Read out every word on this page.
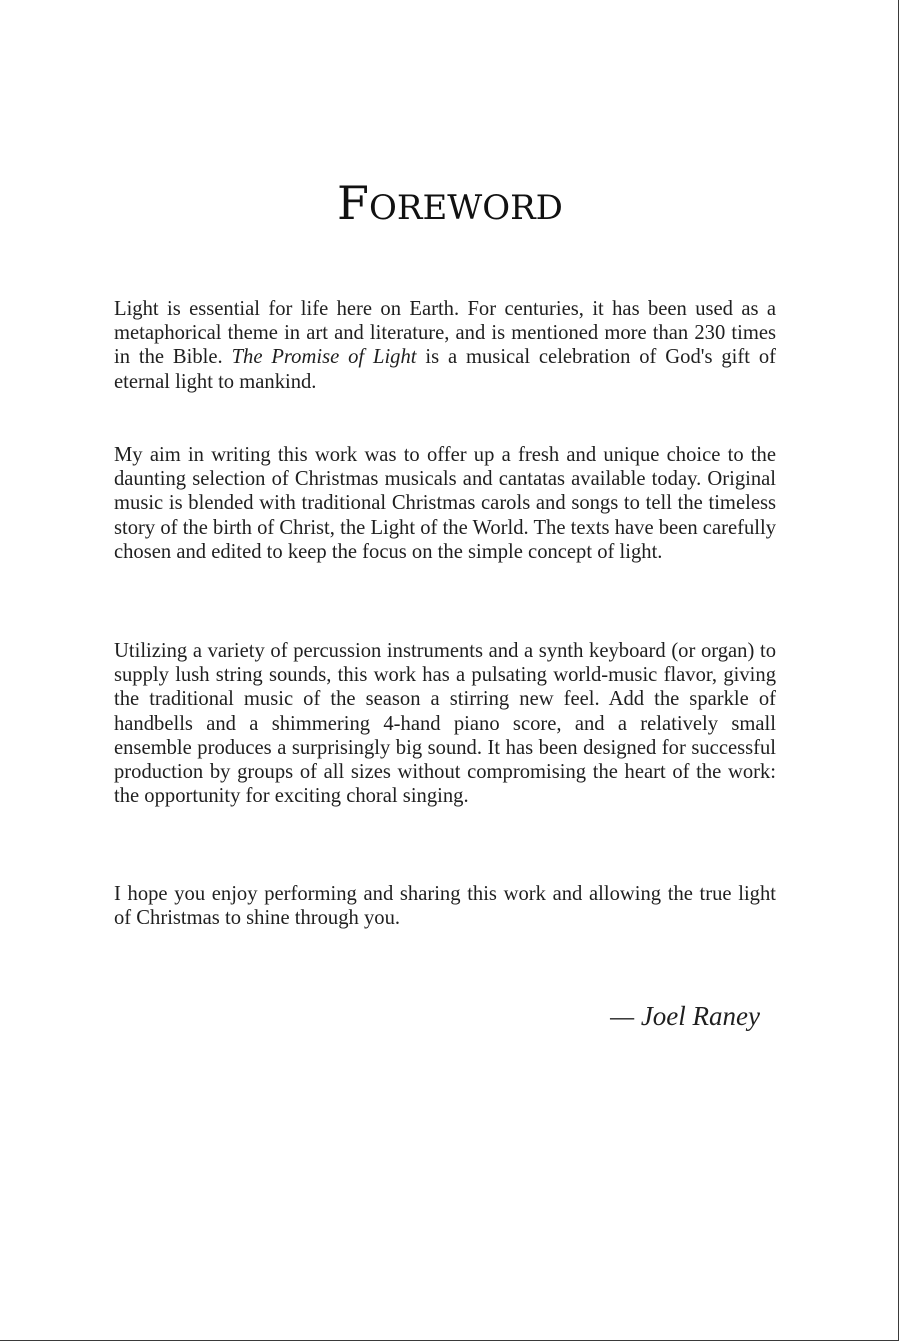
FOREWORD

Light is essential for life here on Earth. For centuries, it has been used as a metaphorical theme in art and literature, and is mentioned more than 230 times in the Bible. The Promise of Light is a musical celebration of God's gift of eternal light to mankind.

My aim in writing this work was to offer up a fresh and unique choice to the daunting selection of Christmas musicals and cantatas available today. Original music is blended with traditional Christmas carols and songs to tell the timeless story of the birth of Christ, the Light of the World. The texts have been carefully chosen and edited to keep the focus on the simple concept of light.

Utilizing a variety of percussion instruments and a synth keyboard (or organ) to supply lush string sounds, this work has a pulsating world-music flavor, giving the traditional music of the season a stirring new feel. Add the sparkle of handbells and a shimmering 4-hand piano score, and a relatively small ensemble produces a surprisingly big sound. It has been designed for successful production by groups of all sizes without compromising the heart of the work: the opportunity for exciting choral singing.

I hope you enjoy performing and sharing this work and allowing the true light of Christmas to shine through you.

— Joel Raney
